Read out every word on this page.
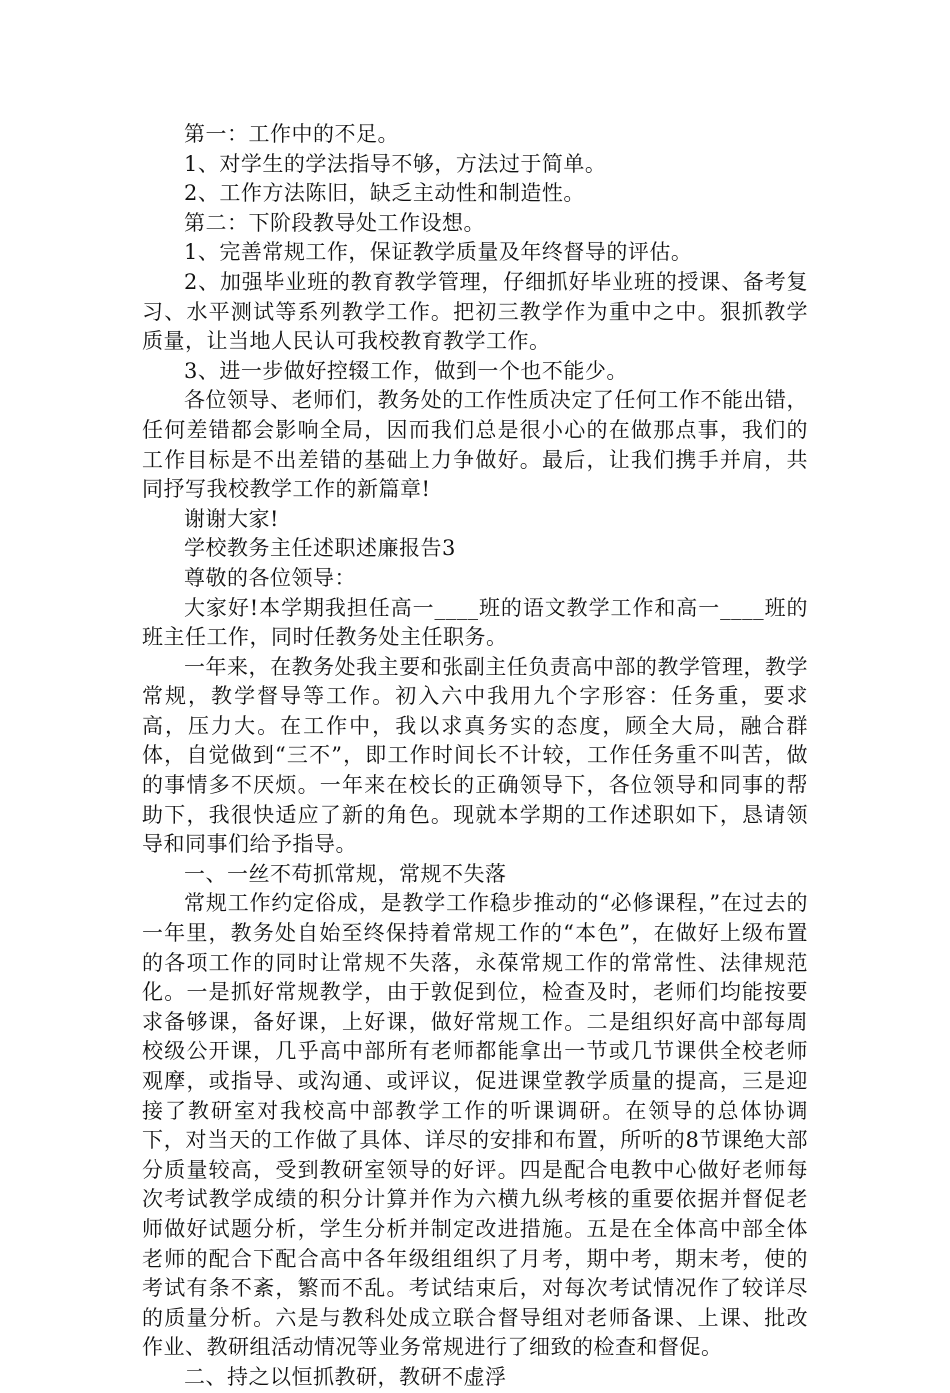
第一：工作中的不足。

1、对学生的学法指导不够，方法过于简单。

2、工作方法陈旧，缺乏主动性和制造性。

第二：下阶段教导处工作设想。

1、完善常规工作，保证教学质量及年终督导的评估。

2、加强毕业班的教育教学管理，仔细抓好毕业班的授课、备考复习、水平测试等系列教学工作。把初三教学作为重中之中。狠抓教学质量，让当地人民认可我校教育教学工作。

3、进一步做好控辍工作，做到一个也不能少。

各位领导、老师们，教务处的工作性质决定了任何工作不能出错，任何差错都会影响全局，因而我们总是很小心的在做那点事，我们的工作目标是不出差错的基础上力争做好。最后，让我们携手并肩，共同抒写我校教学工作的新篇章!

谢谢大家!

学校教务主任述职述廉报告3

尊敬的各位领导：

大家好!本学期我担任高一____班的语文教学工作和高一____班的班主任工作，同时任教务处主任职务。

一年来，在教务处我主要和张副主任负责高中部的教学管理，教学常规，教学督导等工作。初入六中我用九个字形容：任务重，要求高，压力大。在工作中，我以求真务实的态度，顾全大局，融合群体，自觉做到“三不”，即工作时间长不计较，工作任务重不叫苦，做的事情多不厌烦。一年来在校长的正确领导下，各位领导和同事的帮助下，我很快适应了新的角色。现就本学期的工作述职如下，恳请领导和同事们给予指导。

一、一丝不苟抓常规，常规不失落

常规工作约定俗成，是教学工作稳步推动的“必修课程，”在过去的一年里，教务处自始至终保持着常规工作的“本色”，在做好上级布置的各项工作的同时让常规不失落，永葆常规工作的常常性、法律规范化。一是抓好常规教学，由于敦促到位，检查及时，老师们均能按要求备够课，备好课，上好课，做好常规工作。二是组织好高中部每周校级公开课，几乎高中部所有老师都能拿出一节或几节课供全校老师观摩，或指导、或沟通、或评议，促进课堂教学质量的提高，三是迎接了教研室对我校高中部教学工作的听课调研。在领导的总体协调下，对当天的工作做了具体、详尽的安排和布置，所听的8节课绝大部分质量较高，受到教研室领导的好评。四是配合电教中心做好老师每次考试教学成绩的积分计算并作为六横九纵考核的重要依据并督促老师做好试题分析，学生分析并制定改进措施。五是在全体高中部全体老师的配合下配合高中各年级组组织了月考，期中考，期末考，使的考试有条不紊，繁而不乱。考试结束后，对每次考试情况作了较详尽的质量分析。六是与教科处成立联合督导组对老师备课、上课、批改作业、教研组活动情况等业务常规进行了细致的检查和督促。

二、持之以恒抓教研，教研不虚浮
